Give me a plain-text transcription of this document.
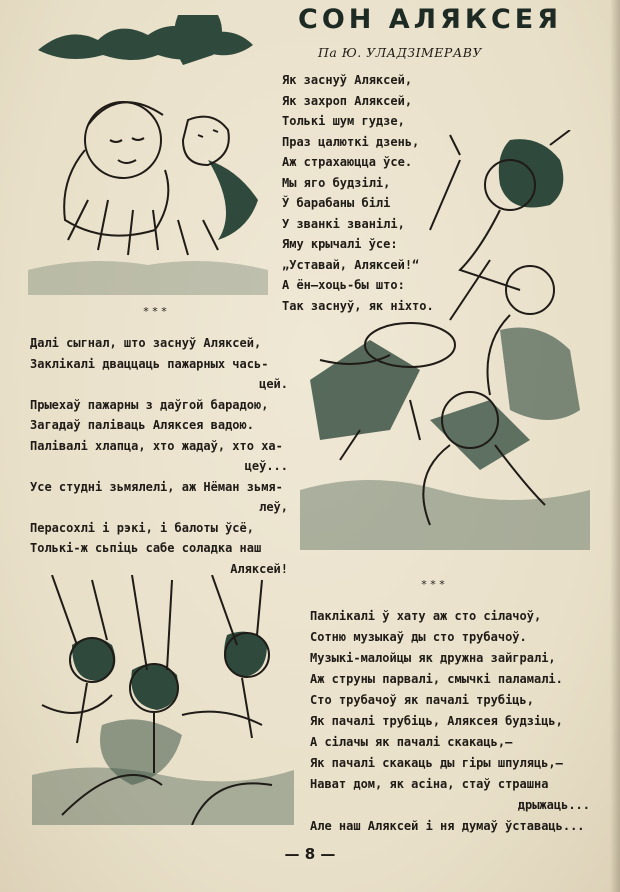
СОН АЛЯКСЕЯ
Па Ю. УЛАДЗІМЕРАВУ
Як заснуў Аляксей,
Як захроп Аляксей,
Толькі шум гудзе,
Праз цалюткі дзень,
Аж страхаюцца ўсе.
Мы яго будзілі,
Ў барабаны білі
У званкі званілі,
Яму крычалі ўсе:
„Уставай, Аляксей!“
А ён—хоць-бы што:
Так заснуў, як ніхто.
* * *
Далі сыгнал, што заснуў Аляксей,
Заклікалі дваццаць пажарных чась-
цей.
Прыехаў пажарны з даўгой барадою,
Загадаў паліваць Аляксея вадою.
Палівалі хлапца, хто жадаў, хто ха-
цеў...
Усе студні зьмялелі, аж Нёман зьмя-
леў,
Перасохлі і рэкі, і балоты ўсё,
Толькі-ж сьпіць сабе соладка наш
Аляксей!
* * *
Паклікалі ў хату аж сто сілачоў,
Сотню музыкаў ды сто трубачоў.
Музыкі-малойцы як дружна зайгралі,
Аж струны парвалі, смычкі паламалі.
Сто трубачоў як пачалі трубіць,
Як пачалі трубіць, Аляксея будзіць,
А сілачы як пачалі скакаць,—
Як пачалі скакаць ды гіры шпуляць,—
Нават дом, як асіна, стаў страшна
дрыжаць...
Але наш Аляксей і ня думаў ўставаць...
— 8 —
